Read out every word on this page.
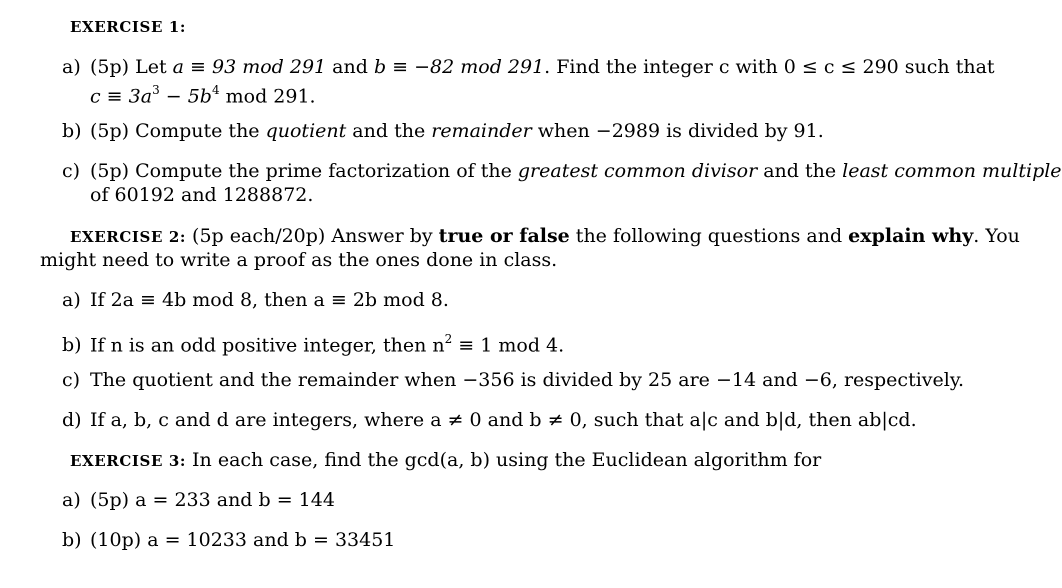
EXERCISE 1:
a) (5p) Let a ≡ 93 mod 291 and b ≡ −82 mod 291. Find the integer c with 0 ≤ c ≤ 290 such that
$c \equiv 3a^3 - 5b^4$ mod 291.
b) (5p) Compute the quotient and the remainder when −2989 is divided by 91.
c) (5p) Compute the prime factorization of the greatest common divisor and the least common multiple
of 60192 and 1288872.
EXERCISE 2: (5p each/20p) Answer by true or false the following questions and explain why. You
might need to write a proof as the ones done in class.
a) If 2a ≡ 4b mod 8, then a ≡ 2b mod 8.
b) If n is an odd positive integer, then $n^2 \equiv 1$ mod 4.
c) The quotient and the remainder when −356 is divided by 25 are −14 and −6, respectively.
d) If a, b, c and d are integers, where a ≠ 0 and b ≠ 0, such that a|c and b|d, then ab|cd.
EXERCISE 3: In each case, find the gcd(a, b) using the Euclidean algorithm for
a) (5p) a = 233 and b = 144
b) (10p) a = 10233 and b = 33451
